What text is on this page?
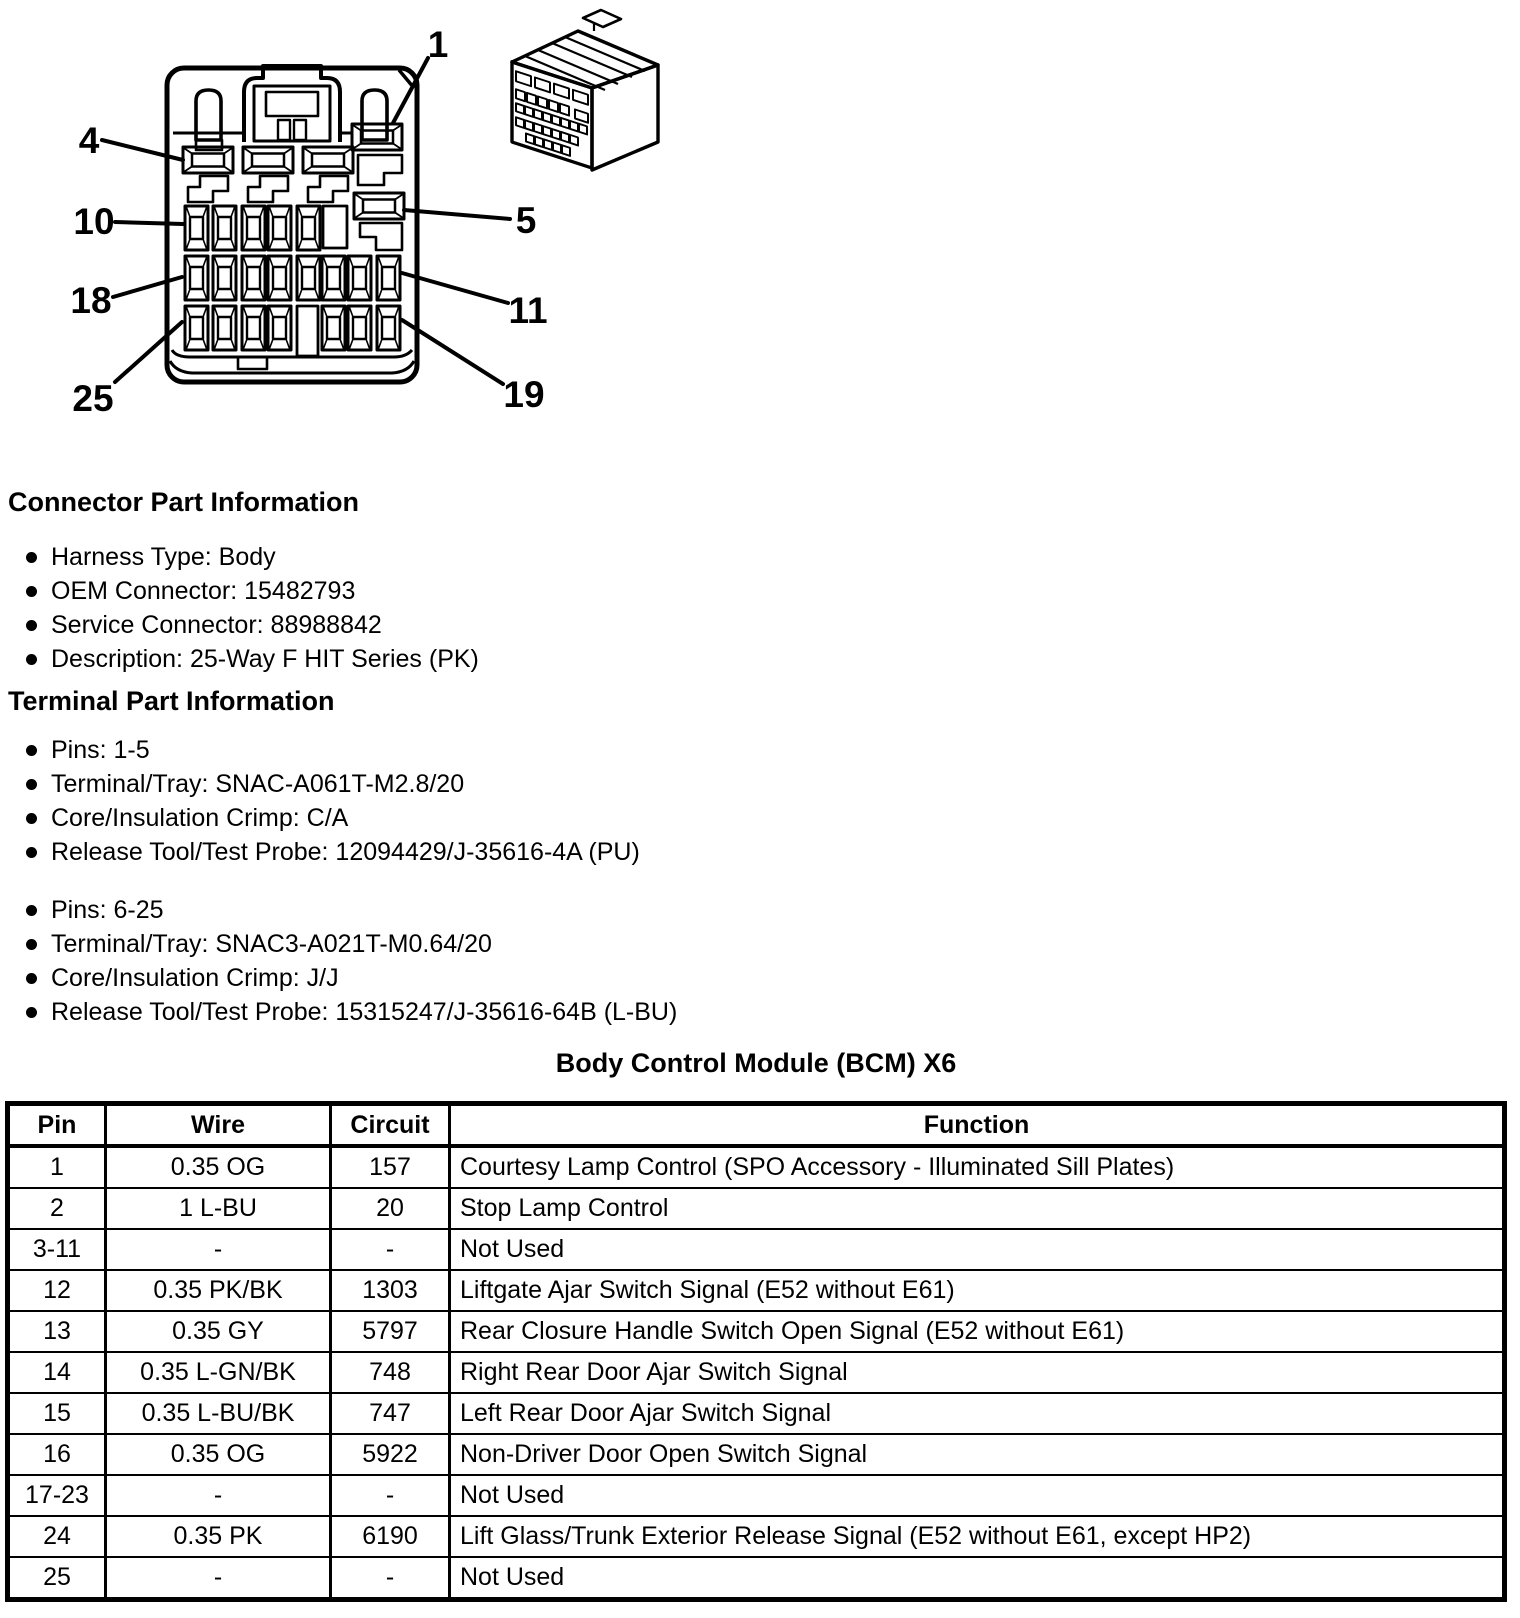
1
4
10	5
18	11
25	19
Connector Part Information
Harness Type: Body
OEM Connector: 15482793
Service Connector: 88988842
Description: 25-Way F HIT Series (PK)
Terminal Part Information
Pins: 1-5
Terminal/Tray: SNAC-A061T-M2.8/20
Core/Insulation Crimp: C/A
Release Tool/Test Probe: 12094429/J-35616-4A (PU)
Pins: 6-25
Terminal/Tray: SNAC3-A021T-M0.64/20
Core/Insulation Crimp: J/J
Release Tool/Test Probe: 15315247/J-35616-64B (L-BU)
Body Control Module (BCM) X6
Pin	Wire	Circuit	Function
1	0.35 OG	157	Courtesy Lamp Control (SPO Accessory - Illuminated Sill Plates)
2	1 L-BU	20	Stop Lamp Control
3-11	-	-	Not Used
12	0.35 PK/BK	1303	Liftgate Ajar Switch Signal (E52 without E61)
13	0.35 GY	5797	Rear Closure Handle Switch Open Signal (E52 without E61)
14	0.35 L-GN/BK	748	Right Rear Door Ajar Switch Signal
15	0.35 L-BU/BK	747	Left Rear Door Ajar Switch Signal
16	0.35 OG	5922	Non-Driver Door Open Switch Signal
17-23	-	-	Not Used
24	0.35 PK	6190	Lift Glass/Trunk Exterior Release Signal (E52 without E61, except HP2)
25	-	-	Not Used
